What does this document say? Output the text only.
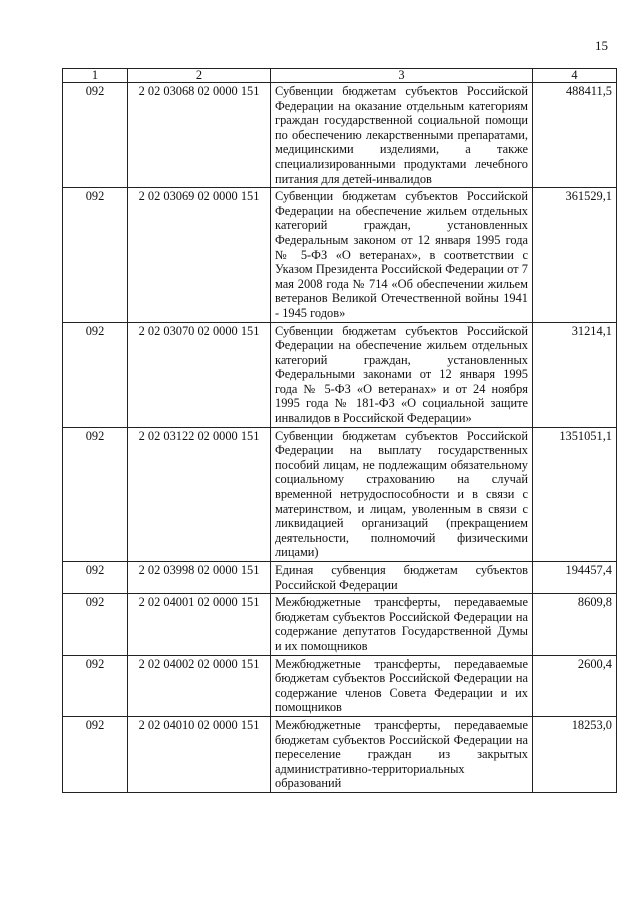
15
1	2	3	4
092	2 02 03068 02 0000 151	Субвенции бюджетам субъектов Российской Федерации на оказание отдельным категориям граждан государственной социальной помощи по обеспечению лекарственными препаратами, медицинскими изделиями, а также специализированными продуктами лечебного питания для детей-инвалидов	488411,5
092	2 02 03069 02 0000 151	Субвенции бюджетам субъектов Российской Федерации на обеспечение жильем отдельных категорий граждан, установленных Федеральным законом от 12 января 1995 года № 5-ФЗ «О ветеранах», в соответствии с Указом Президента Российской Федерации от 7 мая 2008 года № 714 «Об обеспечении жильем ветеранов Великой Отечественной войны 1941 - 1945 годов»	361529,1
092	2 02 03070 02 0000 151	Субвенции бюджетам субъектов Российской Федерации на обеспечение жильем отдельных категорий граждан, установленных Федеральными законами от 12 января 1995 года № 5-ФЗ «О ветеранах» и от 24 ноября 1995 года № 181-ФЗ «О социальной защите инвалидов в Российской Федерации»	31214,1
092	2 02 03122 02 0000 151	Субвенции бюджетам субъектов Российской Федерации на выплату государственных пособий лицам, не подлежащим обязательному социальному страхованию на случай временной нетрудоспособности и в связи с материнством, и лицам, уволенным в связи с ликвидацией организаций (прекращением деятельности, полномочий физическими лицами)	1351051,1
092	2 02 03998 02 0000 151	Единая субвенция бюджетам субъектов Российской Федерации	194457,4
092	2 02 04001 02 0000 151	Межбюджетные трансферты, передаваемые бюджетам субъектов Российской Федерации на содержание депутатов Государственной Думы и их помощников	8609,8
092	2 02 04002 02 0000 151	Межбюджетные трансферты, передаваемые бюджетам субъектов Российской Федерации на содержание членов Совета Федерации и их помощников	2600,4
092	2 02 04010 02 0000 151	Межбюджетные трансферты, передаваемые бюджетам субъектов Российской Федерации на переселение граждан из закрытых административно-территориальных образований	18253,0
